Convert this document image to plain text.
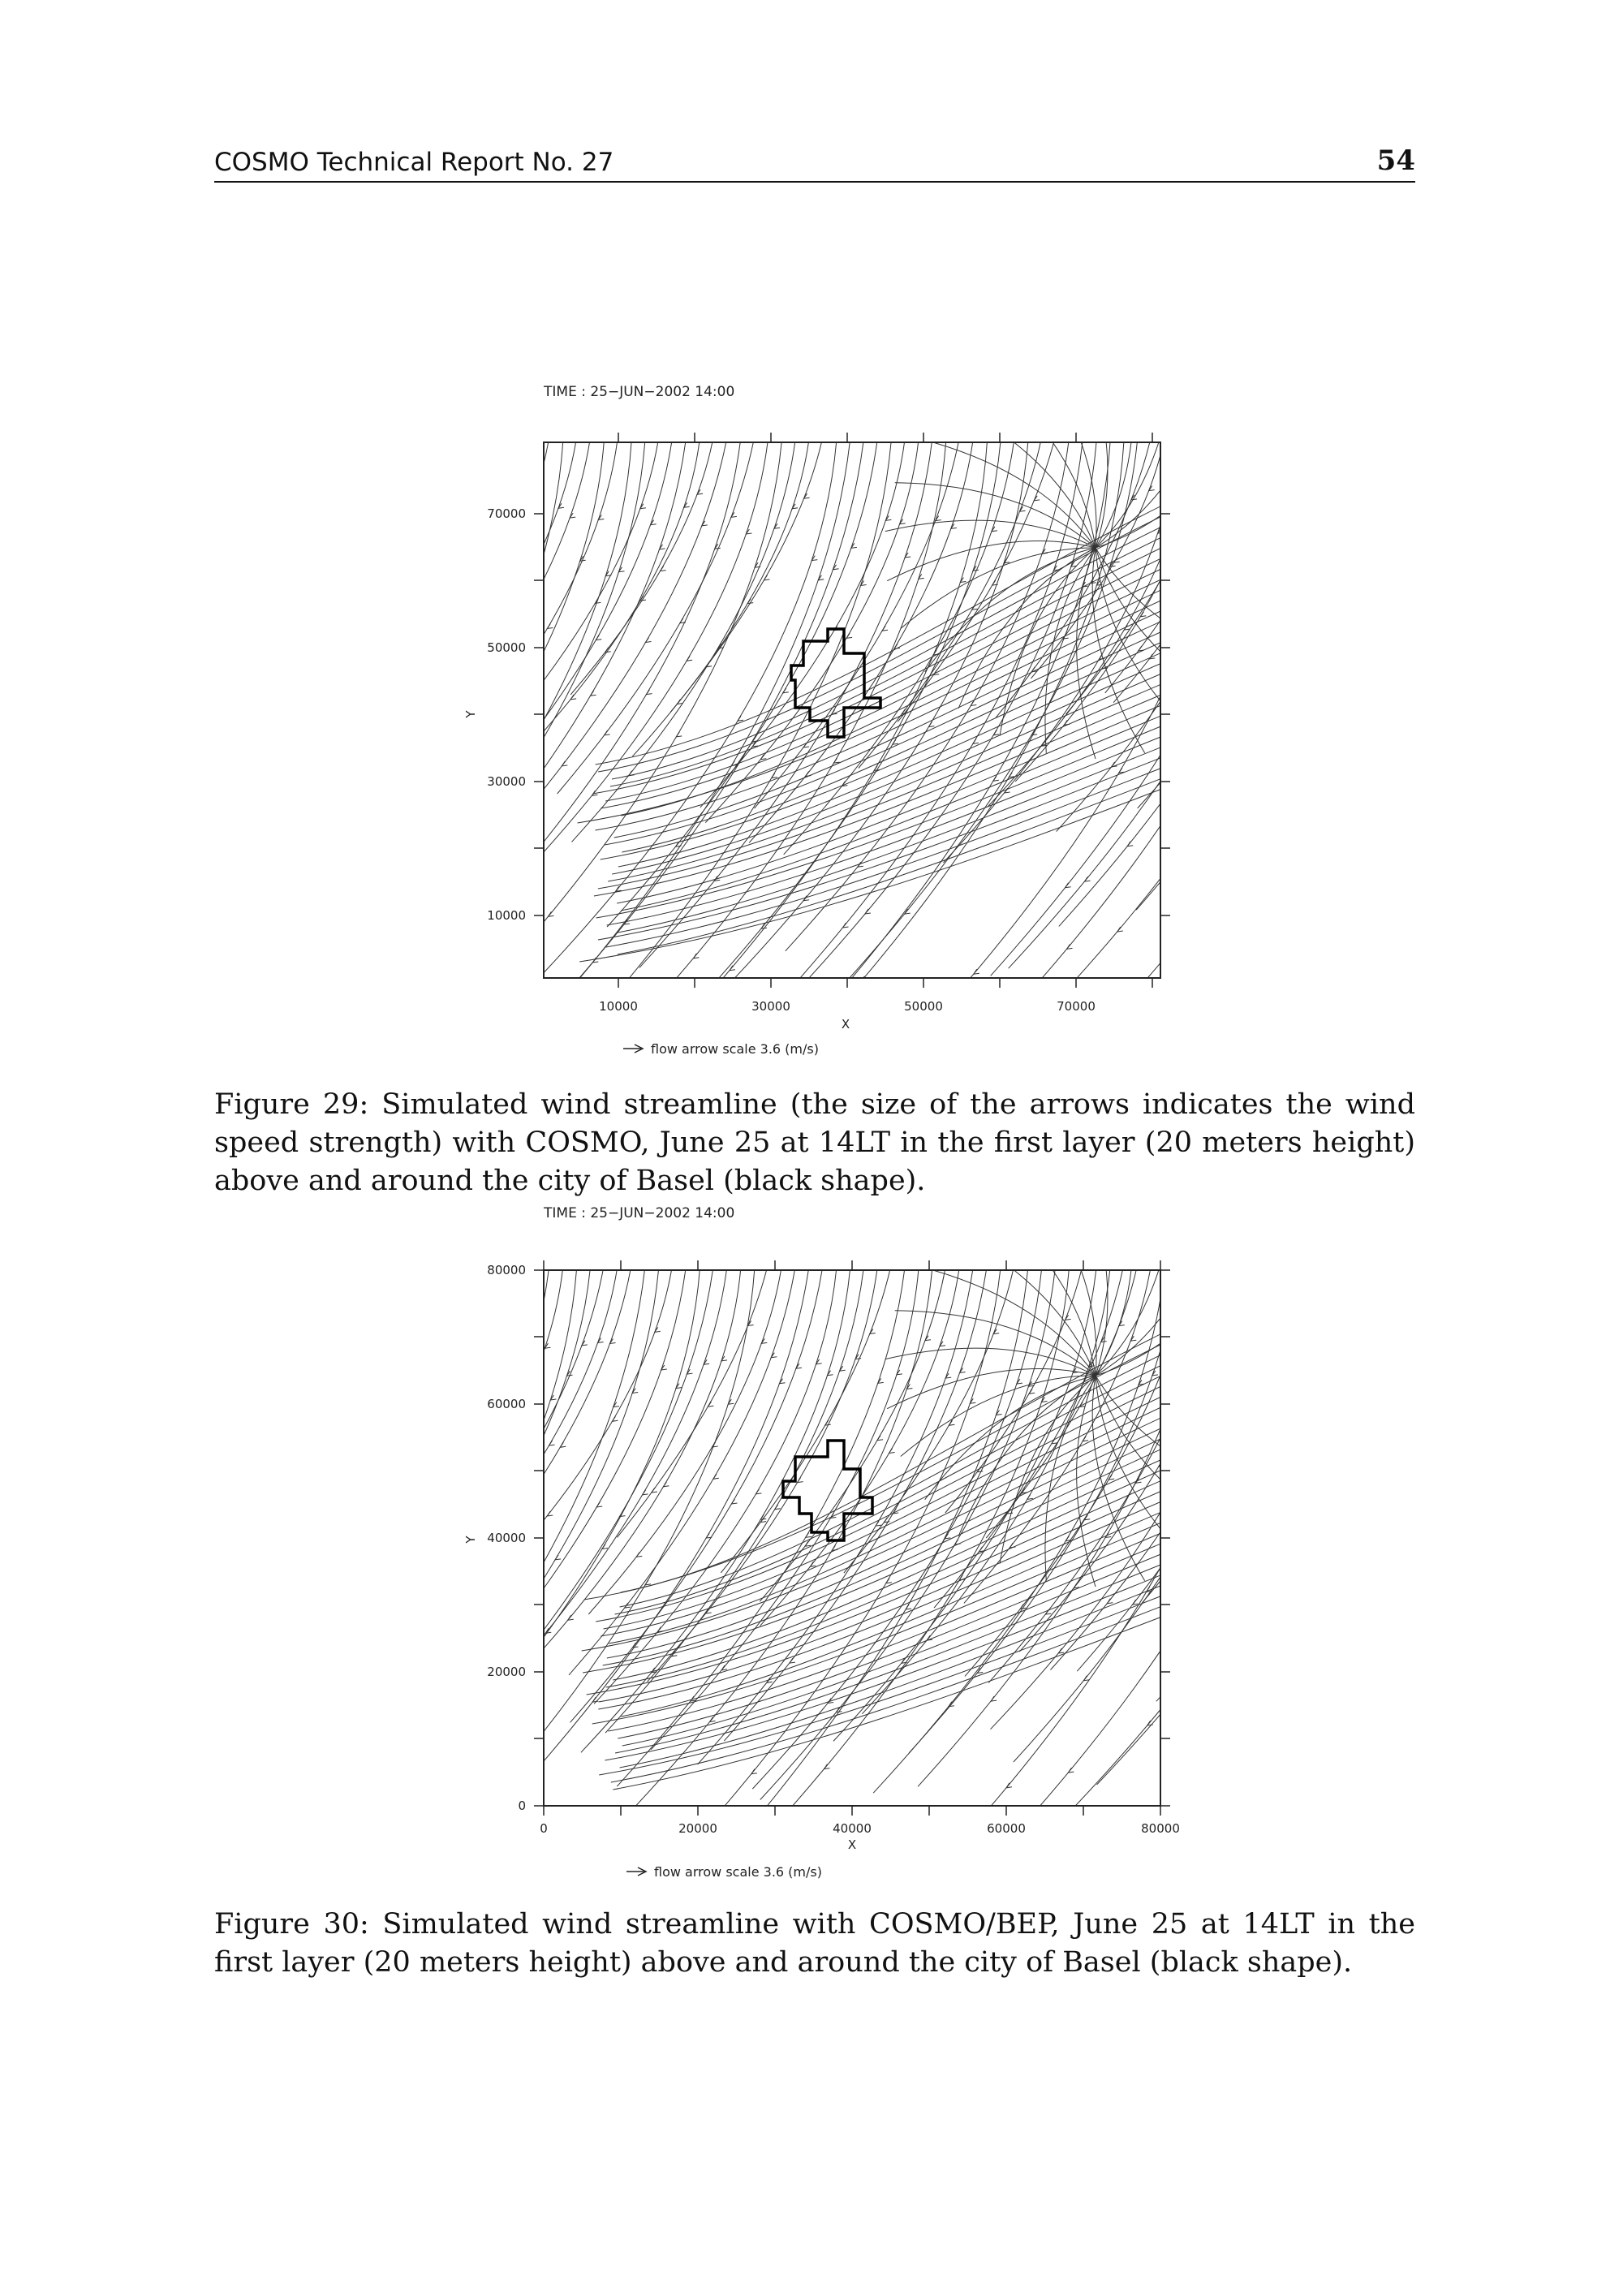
COSMO Technical Report No. 27	54
TIME : 25−JUN−2002 14:00
70000
50000
30000
10000
10000	30000	50000	70000
X
Y
flow arrow scale 3.6 (m/s)
Figure 29: Simulated wind streamline (the size of the arrows indicates the wind speed strength) with COSMO, June 25 at 14LT in the first layer (20 meters height) above and around the city of Basel (black shape).
TIME : 25−JUN−2002 14:00
80000
60000
40000
20000
0
0	20000	40000	60000	80000
X
Y
flow arrow scale 3.6 (m/s)
Figure 30: Simulated wind streamline with COSMO/BEP, June 25 at 14LT in the first layer (20 meters height) above and around the city of Basel (black shape).
